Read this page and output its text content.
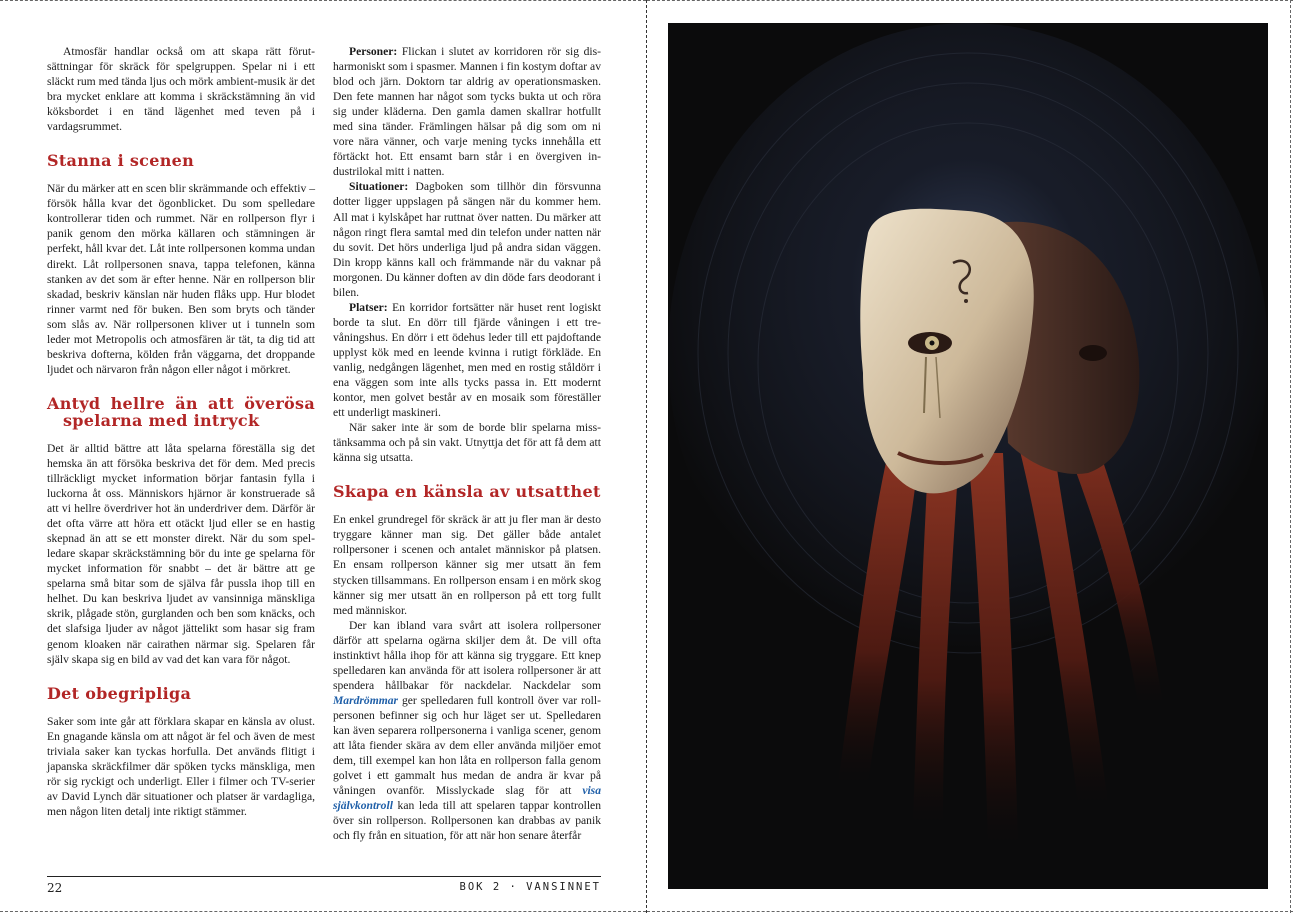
Atmosfär handlar också om att skapa rätt förutsättningar för skräck för spelgruppen. Spelar ni i ett släckt rum med tända ljus och mörk ambient-musik är det bra mycket enklare att komma i skräckstämning än vid köksbordet i en tänd lägenhet med teven på i vardagsrummet.

Stanna i scenen

När du märker att en scen blir skrämmande och effektiv – försök hålla kvar det ögonblicket. Du som spelledare kontrollerar tiden och rummet. När en rollperson flyr i panik genom den mörka källaren och stämningen är perfekt, håll kvar det. Låt inte rollpersonen komma undan direkt. Låt rollpersonen snava, tappa telefonen, känna stanken av det som är efter henne. När en rollperson blir skadad, beskriv känslan när huden flåks upp. Hur blodet rinner varmt ned för buken. Ben som bryts och tänder som slås av. När rollpersonen kliver ut i tunneln som leder mot Metropolis och atmosfären är tät, ta dig tid att beskriva dofterna, kölden från väggarna, det droppande ljudet och närvaron från någon eller något i mörkret.

Antyd hellre än att överösa spelarna med intryck

Det är alltid bättre att låta spelarna föreställa sig det hemska än att försöka beskriva det för dem. Med precis tillräckligt mycket information börjar fantasin fylla i luckorna åt oss. Människors hjärnor är konstruerade så att vi hellre överdriver hot än underdriver dem. Därför är det ofta värre att höra ett otäckt ljud eller se en hastig skepnad än att se ett monster direkt. När du som spelledare skapar skräckstämning bör du inte ge spelarna för mycket information för snabbt – det är bättre att ge spelarna små bitar som de själva får pussla ihop till en helhet. Du kan beskriva ljudet av vansinniga mänskliga skrik, plågade stön, gurglanden och ben som knäcks, och det slafsiga ljuder av något jättelikt som hasar sig fram genom kloaken när cairathen närmar sig. Spelaren får själv skapa sig en bild av vad det kan vara för något.

Det obegripliga

Saker som inte går att förklara skapar en känsla av olust. En gnagande känsla om att något är fel och även de mest triviala saker kan tyckas horfulla. Det används flitigt i japanska skräckfilmer där spöken tycks mänskliga, men rör sig ryckigt och underligt. Eller i filmer och TV-serier av David Lynch där situationer och platser är vardagliga, men någon liten detalj inte riktigt stämmer.

Personer: Flickan i slutet av korridoren rör sig disharmoniskt som i spasmer. Mannen i fin kostym doftar av blod och järn. Doktorn tar aldrig av operationsmasken. Den fete mannen har något som tycks bukta ut och röra sig under kläderna. Den gamla damen skallrar hotfullt med sina tänder. Främlingen hälsar på dig som om ni vore nära vänner, och varje mening tycks innehålla ett förtäckt hot. Ett ensamt barn står i en övergiven industrilokal mitt i natten.

Situationer: Dagboken som tillhör din försvunna dotter ligger uppslagen på sängen när du kommer hem. All mat i kylskåpet har ruttnat över natten. Du märker att någon ringt flera samtal med din telefon under natten när du sovit. Det hörs underliga ljud på andra sidan väggen. Din kropp känns kall och främmande när du vaknar på morgonen. Du känner doften av din döde fars deodorant i bilen.

Platser: En korridor fortsätter när huset rent logiskt borde ta slut. En dörr till fjärde våningen i ett trevåningshus. En dörr i ett ödehus leder till ett pajdoftande upplyst kök med en leende kvinna i rutigt förkläde. En vanlig, nedgången lägenhet, men med en rostig ståldörr i ena väggen som inte alls tycks passa in. Ett modernt kontor, men golvet består av en mosaik som föreställer ett underligt maskineri.

När saker inte är som de borde blir spelarna misstänksamma och på sin vakt. Utnyttja det för att få dem att känna sig utsatta.

Skapa en känsla av utsatthet

En enkel grundregel för skräck är att ju fler man är desto tryggare känner man sig. Det gäller både antalet rollpersoner i scenen och antalet människor på platsen. En ensam rollperson känner sig mer utsatt än fem stycken tillsammans. En rollperson ensam i en mörk skog känner sig mer utsatt än en rollperson på ett torg fullt med människor.

Der kan ibland vara svårt att isolera rollpersoner därför att spelarna ogärna skiljer dem åt. De vill ofta instinktivt hålla ihop för att känna sig tryggare. Ett knep spelledaren kan använda för att isolera rollpersoner är att spendera hållbakar för nackdelar. Nackdelar som Mardrömmar ger spelledaren full kontroll över var rollpersonen befinner sig och hur läget ser ut. Spelledaren kan även separera rollpersonerna i vanliga scener, genom att låta fiender skära av dem eller använda miljöer emot dem, till exempel kan hon låta en rollperson falla genom golvet i ett gammalt hus medan de andra är kvar på våningen ovanför. Misslyckade slag för att visa självkontroll kan leda till att spelaren tappar kontrollen över sin rollperson. Rollpersonen kan drabbas av panik och fly från en situation, för att när hon senare återfår

22	BOK 2 · VANSINNET
